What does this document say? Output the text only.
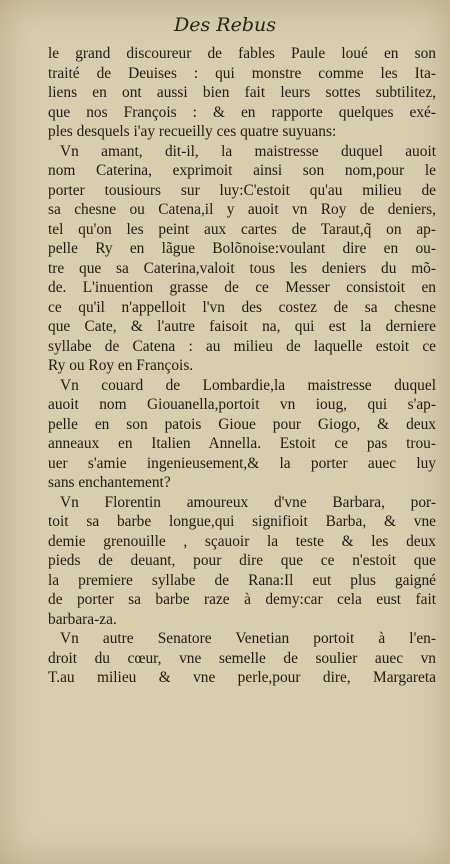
Des Rebus
le grand discoureur de fables Paule loué en son
traité de Deuises : qui monstre comme les Ita-
liens en ont aussi bien fait leurs sottes subtilitez,
que nos François : & en rapporte quelques exé-
ples desquels i'ay recueilly ces quatre suyuans:
Vn amant, dit-il, la maistresse duquel auoit
nom Caterina, exprimoit ainsi son nom,pour le
porter tousiours sur luy:C'estoit qu'au milieu de
sa chesne ou Catena,il y auoit vn Roy de deniers,
tel qu'on les peint aux cartes de Taraut,q̃ on ap-
pelle Ry en lãgue Bolõnoise:voulant dire en ou-
tre que sa Caterina,valoit tous les deniers du mõ-
de. L'inuention grasse de ce Messer consistoit en
ce qu'il n'appelloit l'vn des costez de sa chesne
que Cate, & l'autre faisoit na, qui est la derniere
syllabe de Catena : au milieu de laquelle estoit ce
Ry ou Roy en François.
Vn couard de Lombardie,la maistresse duquel
auoit nom Giouanella,portoit vn ioug, qui s'ap-
pelle en son patois Gioue pour Giogo, & deux
anneaux en Italien Annella. Estoit ce pas trou-
uer s'amie ingenieusement,& la porter auec luy
sans enchantement?
Vn Florentin amoureux d'vne Barbara, por-
toit sa barbe longue,qui signifioit Barba, & vne
demie grenouille , sçauoir la teste & les deux
pieds de deuant, pour dire que ce n'estoit que
la premiere syllabe de Rana:Il eut plus gaigné
de porter sa barbe raze à demy:car cela eust fait
barbara-za.
Vn autre Senatore Venetian portoit à l'en-
droit du cœur, vne semelle de soulier auec vn
T.au milieu & vne perle,pour dire, Margareta
